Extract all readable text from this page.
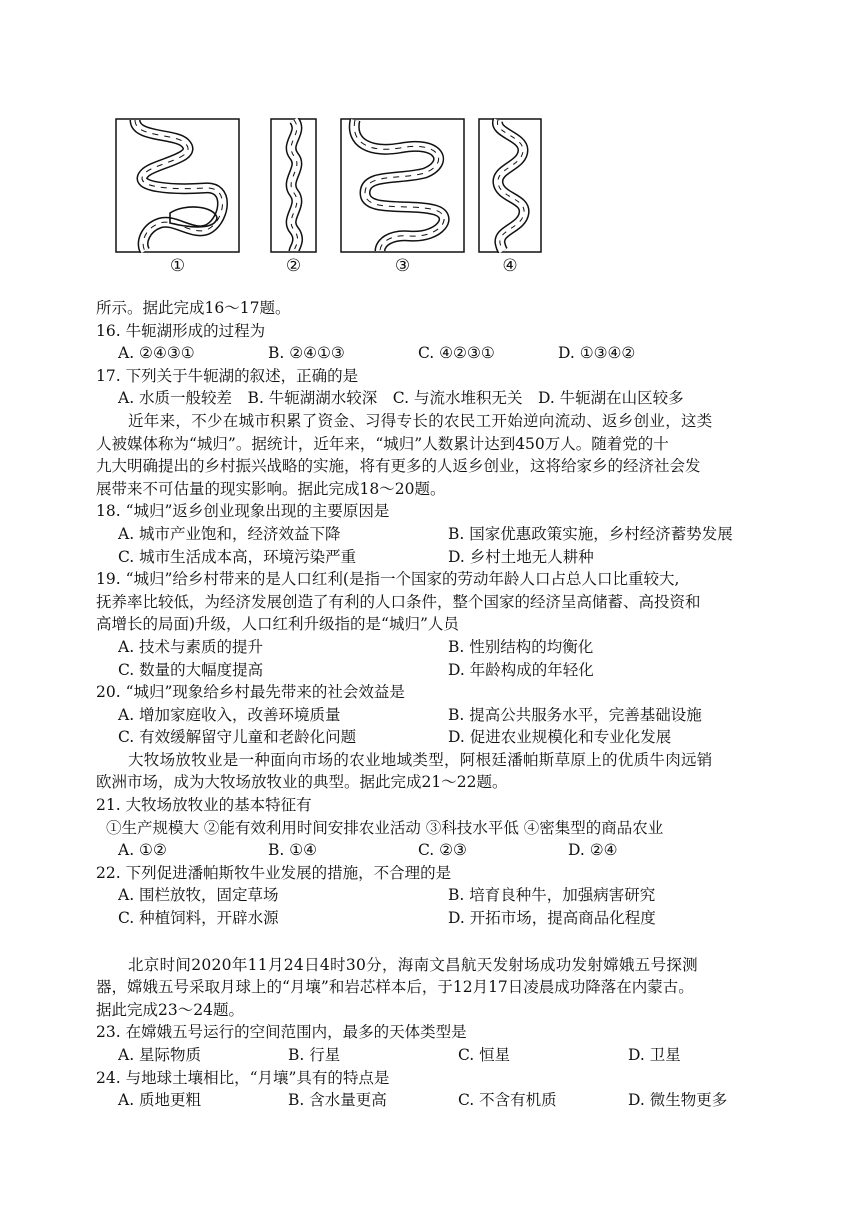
①	②	③	④
所示。据此完成16～17题。
16. 牛轭湖形成的过程为
A. ②④③①	B. ②④①③	C. ④②③①	D. ①③④②
17. 下列关于牛轭湖的叙述，正确的是
A. 水质一般较差　B. 牛轭湖湖水较深　C. 与流水堆积无关　D. 牛轭湖在山区较多
近年来，不少在城市积累了资金、习得专长的农民工开始逆向流动、返乡创业，这类
人被媒体称为“城归”。据统计，近年来，“城归”人数累计达到450万人。随着党的十
九大明确提出的乡村振兴战略的实施，将有更多的人返乡创业，这将给家乡的经济社会发
展带来不可估量的现实影响。据此完成18～20题。
18. “城归”返乡创业现象出现的主要原因是
A. 城市产业饱和，经济效益下降	B. 国家优惠政策实施，乡村经济蓄势发展
C. 城市生活成本高，环境污染严重	D. 乡村土地无人耕种
19. “城归”给乡村带来的是人口红利(是指一个国家的劳动年龄人口占总人口比重较大,
抚养率比较低，为经济发展创造了有利的人口条件，整个国家的经济呈高储蓄、高投资和
高增长的局面)升级，人口红利升级指的是“城归”人员
A. 技术与素质的提升	B. 性别结构的均衡化
C. 数量的大幅度提高	D. 年龄构成的年轻化
20. “城归”现象给乡村最先带来的社会效益是
A. 增加家庭收入，改善环境质量	B. 提高公共服务水平，完善基础设施
C. 有效缓解留守儿童和老龄化问题	D. 促进农业规模化和专业化发展
大牧场放牧业是一种面向市场的农业地域类型，阿根廷潘帕斯草原上的优质牛肉远销
欧洲市场，成为大牧场放牧业的典型。据此完成21～22题。
21. 大牧场放牧业的基本特征有
①生产规模大 ②能有效利用时间安排农业活动 ③科技水平低 ④密集型的商品农业
A. ①②	B. ①④	C. ②③	D. ②④
22. 下列促进潘帕斯牧牛业发展的措施，不合理的是
A. 围栏放牧，固定草场	B. 培育良种牛，加强病害研究
C. 种植饲料，开辟水源	D. 开拓市场，提高商品化程度
北京时间2020年11月24日4时30分，海南文昌航天发射场成功发射嫦娥五号探测
器，嫦娥五号采取月球上的“月壤”和岩芯样本后，于12月17日凌晨成功降落在内蒙古。
据此完成23～24题。
23. 在嫦娥五号运行的空间范围内，最多的天体类型是
A. 星际物质	B. 行星	C. 恒星	D. 卫星
24. 与地球土壤相比，“月壤”具有的特点是
A. 质地更粗	B. 含水量更高	C. 不含有机质	D. 微生物更多
